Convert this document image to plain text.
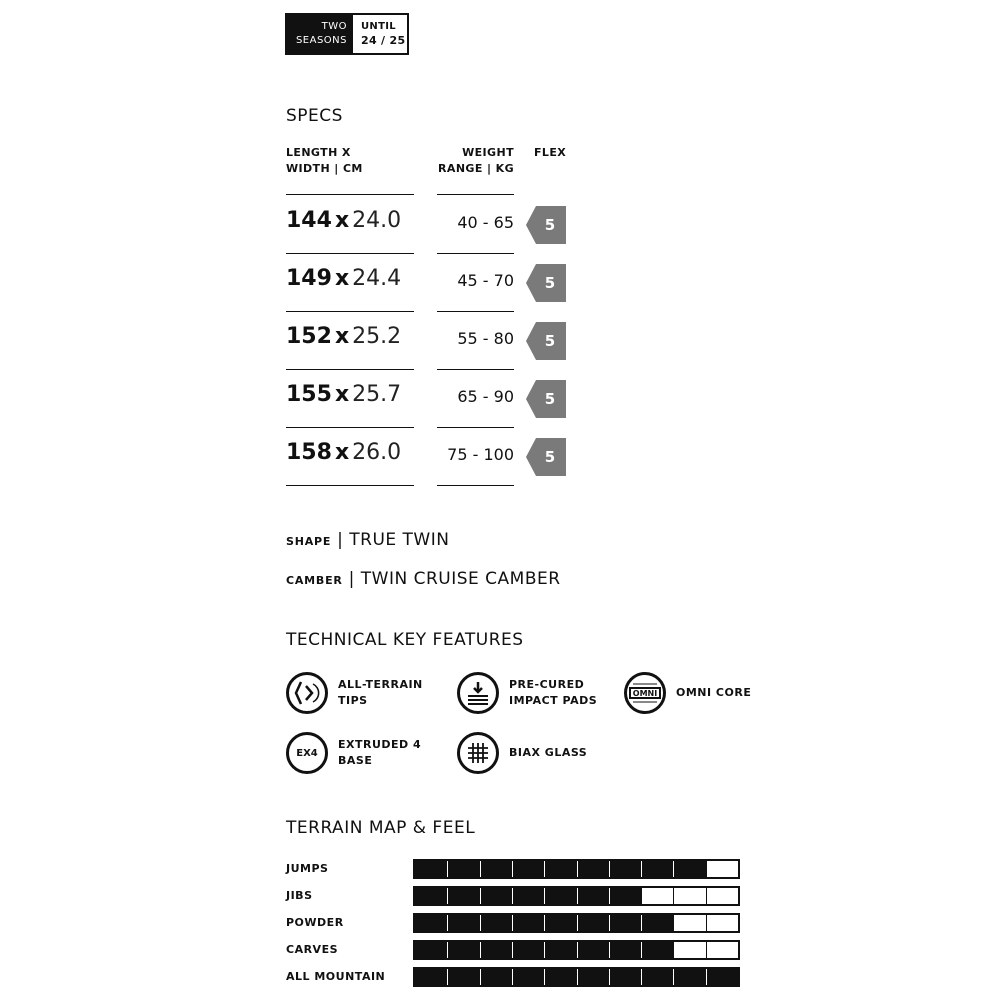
TWO
SEASONS
UNTIL
24 / 25
SPECS
LENGTH X
WIDTH | CM
WEIGHT
RANGE | KG
FLEX
144 x 24.0	40 - 65	5
149 x 24.4	45 - 70	5
152 x 25.2	55 - 80	5
155 x 25.7	65 - 90	5
158 x 26.0	75 - 100	5
SHAPE | TRUE TWIN
CAMBER | TWIN CRUISE CAMBER
TECHNICAL KEY FEATURES
ALL-TERRAIN
TIPS
PRE-CURED
IMPACT PADS
OMNI OMNI CORE
EX4
EXTRUDED 4
BASE
BIAX GLASS
TERRAIN MAP & FEEL
JUMPS
JIBS
POWDER
CARVES
ALL MOUNTAIN
